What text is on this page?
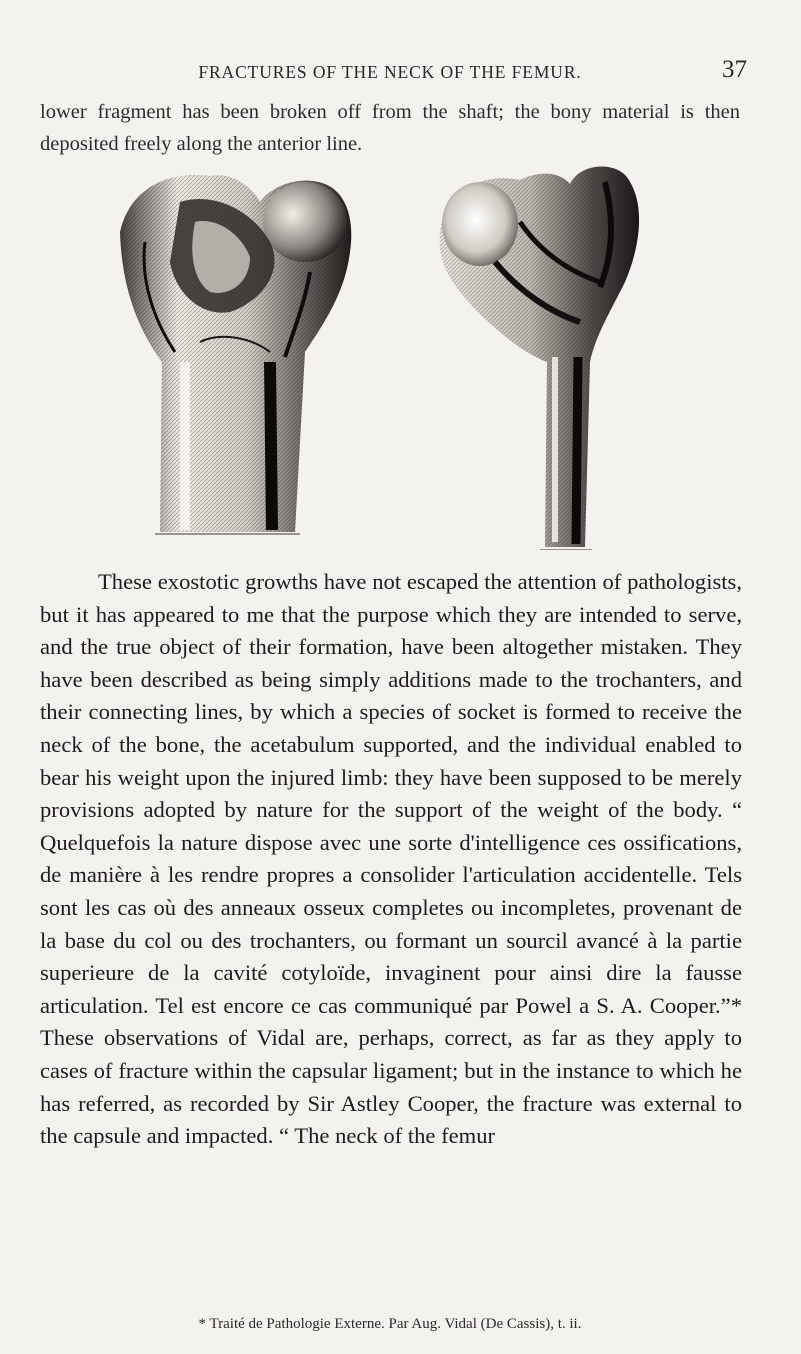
FRACTURES OF THE NECK OF THE FEMUR.	37

lower fragment has been broken off from the shaft; the bony material is then deposited freely along the anterior line.

These exostotic growths have not escaped the attention of pathologists, but it has appeared to me that the purpose which they are intended to serve, and the true object of their formation, have been altogether mistaken. They have been described as being simply additions made to the trochanters, and their connecting lines, by which a species of socket is formed to receive the neck of the bone, the acetabulum supported, and the individual enabled to bear his weight upon the injured limb: they have been supposed to be merely provisions adopted by nature for the support of the weight of the body. “ Quelquefois la nature dispose avec une sorte d'intelligence ces ossifications, de manière à les rendre propres a consolider l'articulation accidentelle. Tels sont les cas où des anneaux osseux completes ou incompletes, provenant de la base du col ou des trochanters, ou formant un sourcil avancé à la partie superieure de la cavité cotyloïde, invaginent pour ainsi dire la fausse articulation. Tel est encore ce cas communiqué par Powel a S. A. Cooper.”* These observations of Vidal are, perhaps, correct, as far as they apply to cases of fracture within the capsular ligament; but in the instance to which he has referred, as recorded by Sir Astley Cooper, the fracture was external to the capsule and impacted. “ The neck of the femur

* Traité de Pathologie Externe. Par Aug. Vidal (De Cassis), t. ii.
